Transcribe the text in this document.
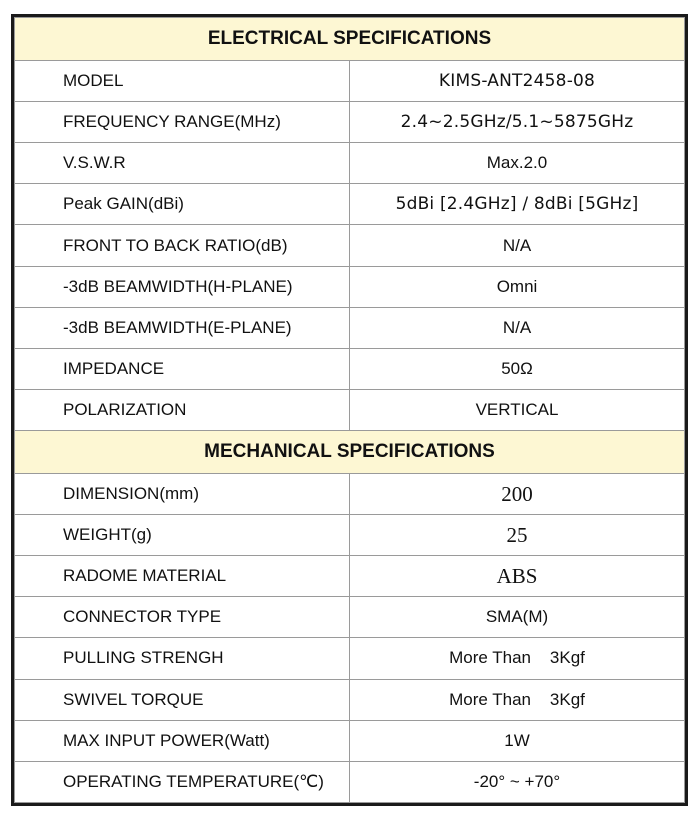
ELECTRICAL SPECIFICATIONS	
MODEL	KIMS-ANT2458-08
FREQUENCY RANGE(MHz)	2.4~2.5GHz/5.1~5875GHz
V.S.W.R	Max.2.0
Peak GAIN(dBi)	5dBi [2.4GHz] / 8dBi [5GHz]
FRONT TO BACK RATIO(dB)	N/A
-3dB BEAMWIDTH(H-PLANE)	Omni
-3dB BEAMWIDTH(E-PLANE)	N/A
IMPEDANCE	50Ω
POLARIZATION	VERTICAL
MECHANICAL SPECIFICATIONS	
DIMENSION(mm)	200
WEIGHT(g)	25
RADOME MATERIAL	ABS
CONNECTOR TYPE	SMA(M)
PULLING STRENGH	More Than    3Kgf
SWIVEL TORQUE	More Than    3Kgf
MAX INPUT POWER(Watt)	1W
OPERATING TEMPERATURE(℃)	-20° ~ +70°
